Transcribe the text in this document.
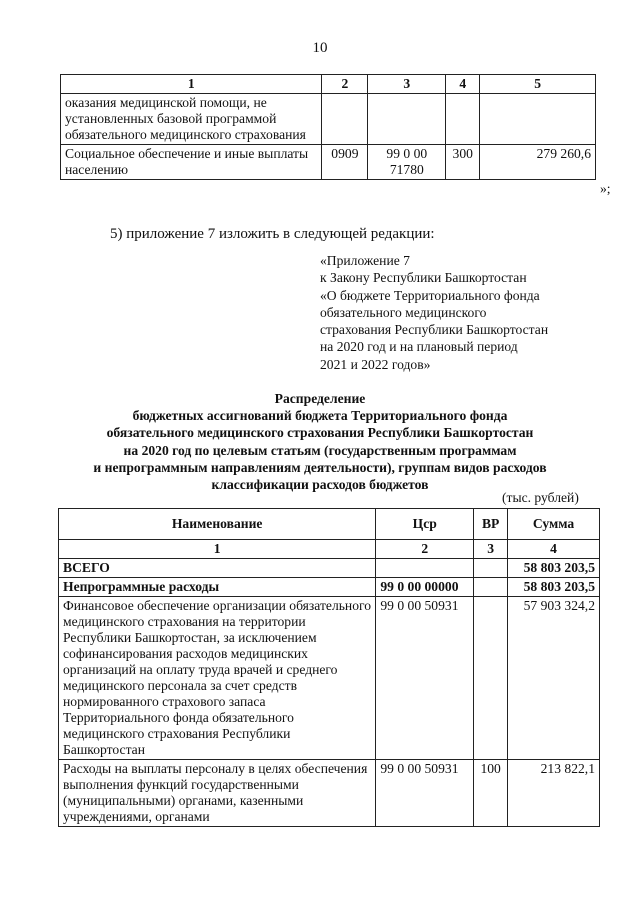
10
1	2	3	4	5
оказания медицинской помощи, не установленных базовой программой обязательного медицинского страхования				
Социальное обеспечение и иные выплаты населению	0909	99 0 00 71780	300	279 260,6
»;
5) приложение 7 изложить в следующей редакции:
«Приложение 7
к Закону Республики Башкортостан
«О бюджете Территориального фонда
обязательного медицинского
страхования Республики Башкортостан
на 2020 год и на плановый период
2021 и 2022 годов»
Распределение
бюджетных ассигнований бюджета Территориального фонда
обязательного медицинского страхования Республики Башкортостан
на 2020 год по целевым статьям (государственным программам
и непрограммным направлениям деятельности), группам видов расходов
классификации расходов бюджетов
(тыс. рублей)
Наименование	Цср	ВР	Сумма
1	2	3	4
ВСЕГО			58 803 203,5
Непрограммные расходы	99 0 00 00000		58 803 203,5
Финансовое обеспечение организации обязательного медицинского страхования на территории Республики Башкортостан, за исключением софинансирования расходов медицинских организаций на оплату труда врачей и среднего медицинского персонала за счет средств нормированного страхового запаса Территориального фонда обязательного медицинского страхования Республики Башкортостан	99 0 00 50931		57 903 324,2
Расходы на выплаты персоналу в целях обеспечения выполнения функций государственными (муниципальными) органами, казенными учреждениями, органами	99 0 00 50931	100	213 822,1
